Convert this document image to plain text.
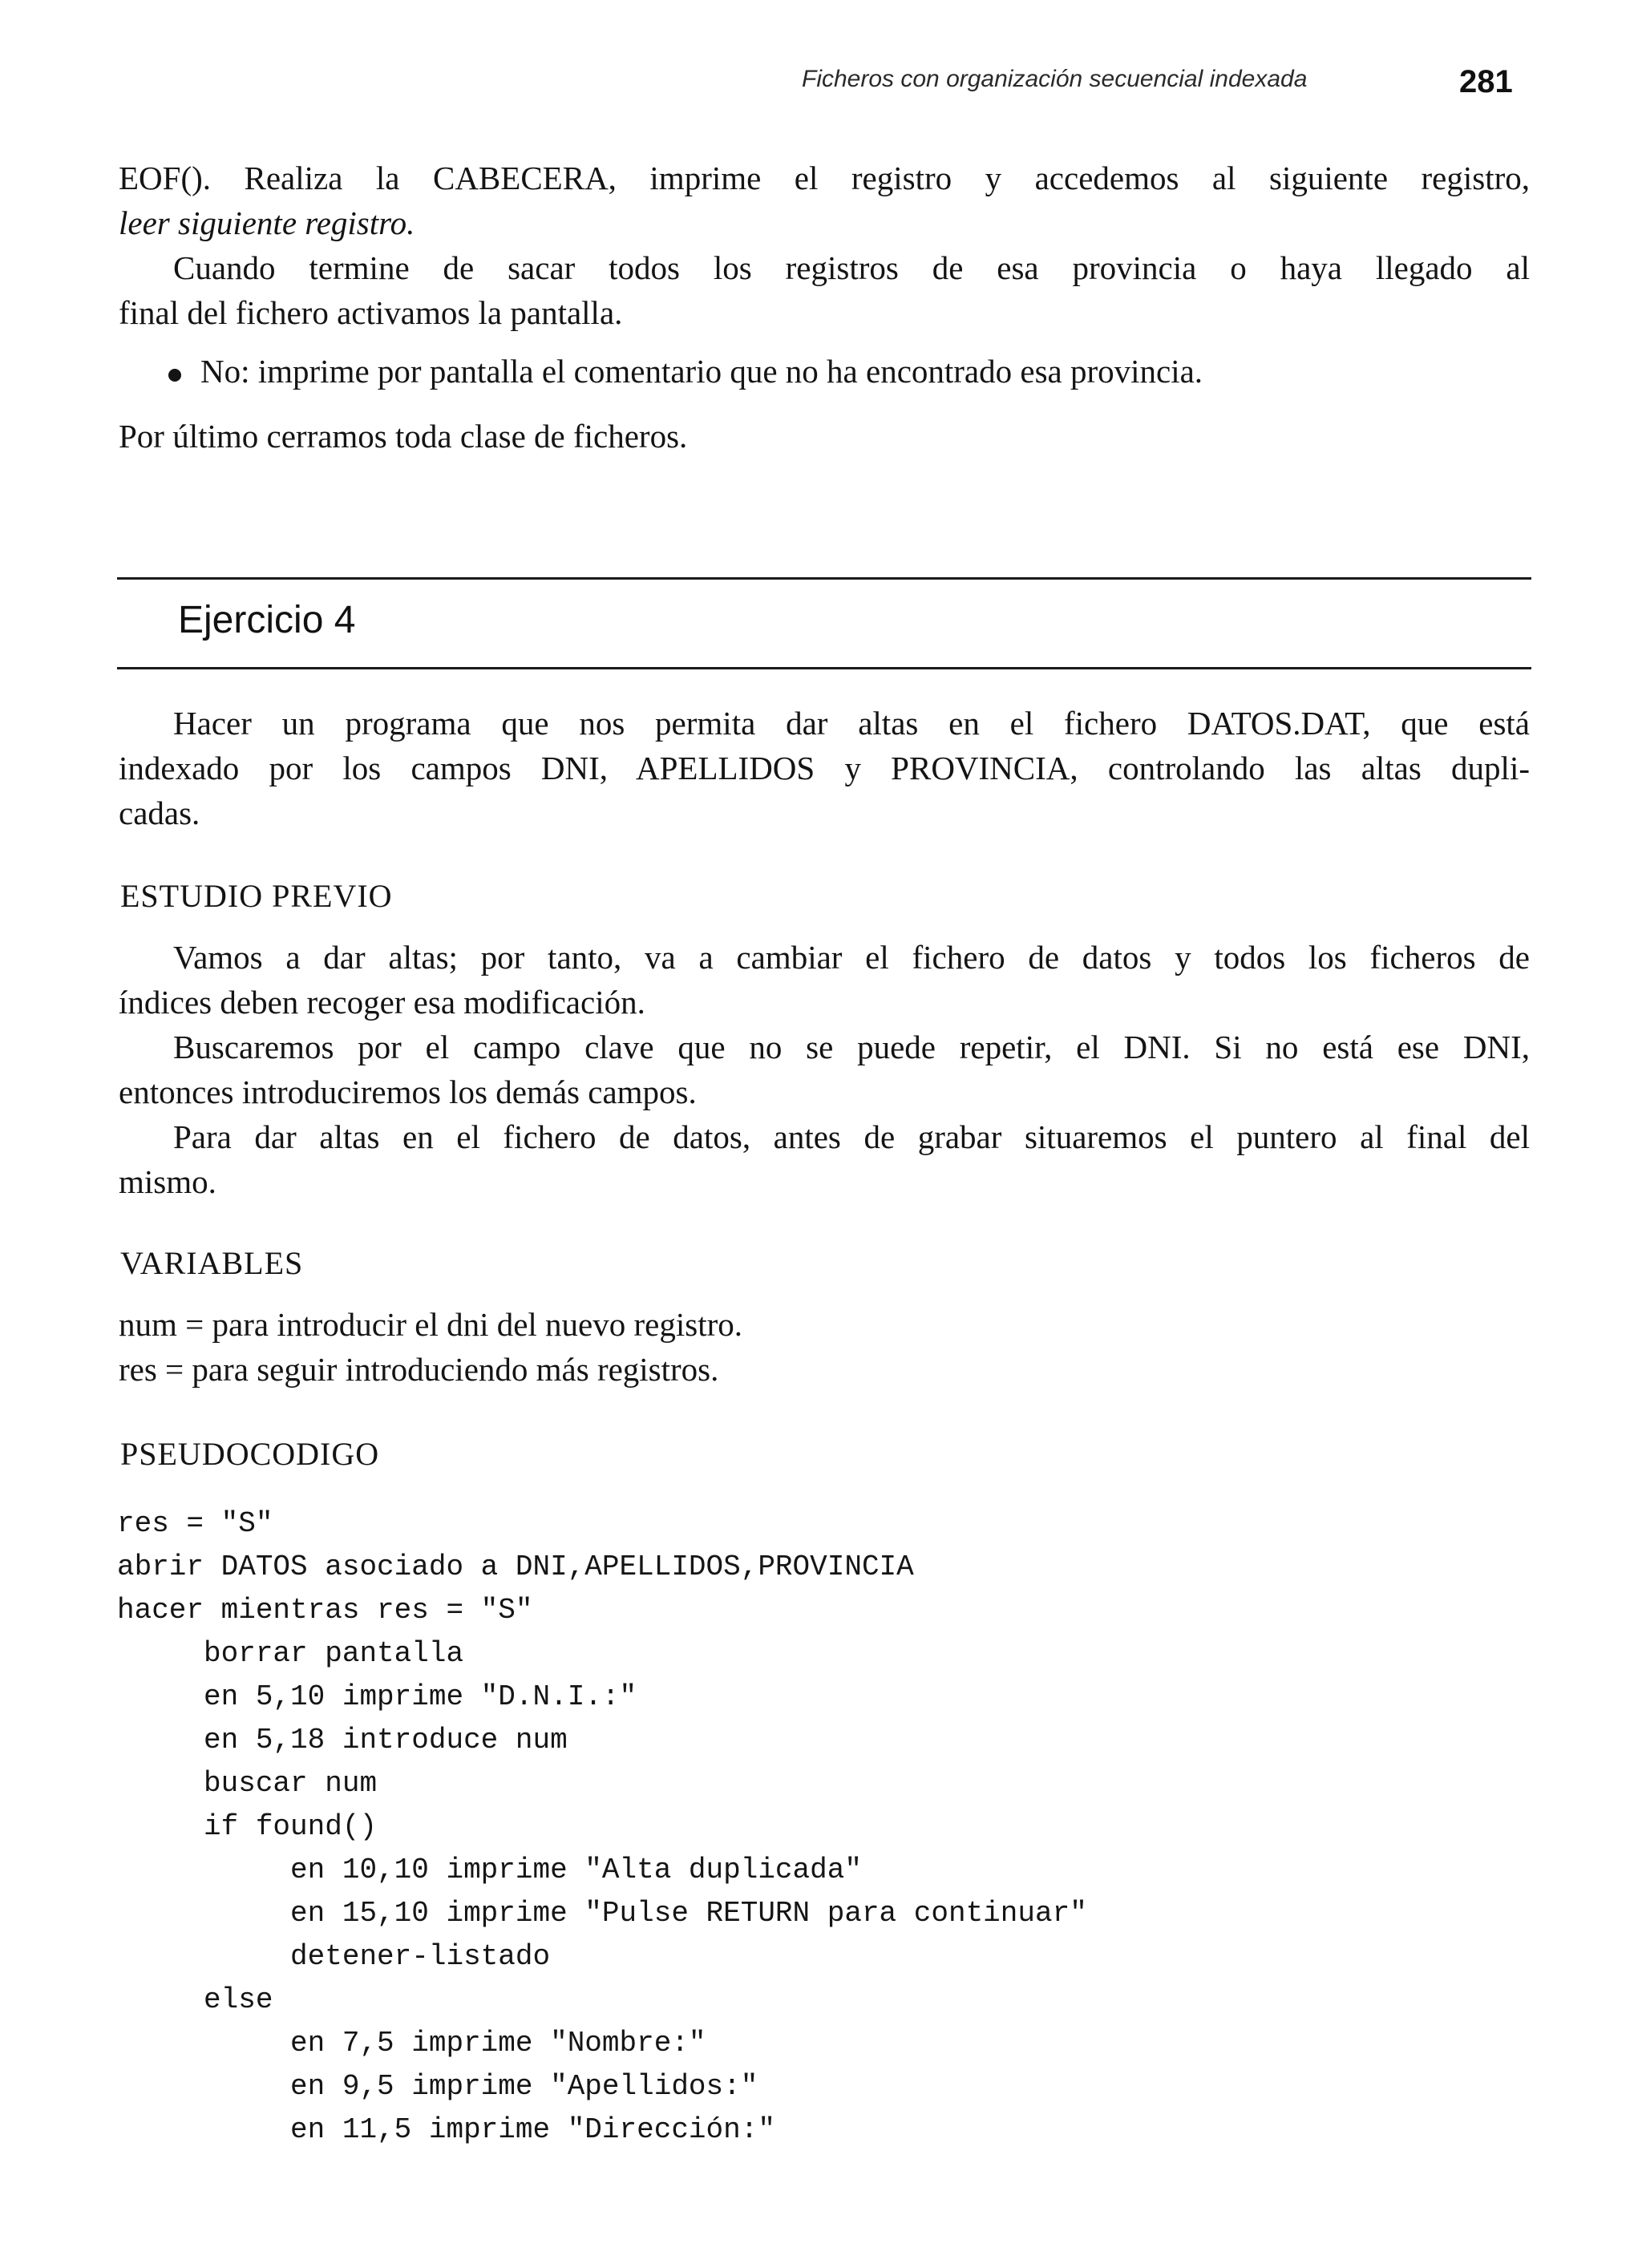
Ficheros con organización secuencial indexada	281
EOF(). Realiza la CABECERA, imprime el registro y accedemos al siguiente registro,
leer siguiente registro.
Cuando termine de sacar todos los registros de esa provincia o haya llegado al
final del fichero activamos la pantalla.
No: imprime por pantalla el comentario que no ha encontrado esa provincia.
Por último cerramos toda clase de ficheros.
Ejercicio 4
Hacer un programa que nos permita dar altas en el fichero DATOS.DAT, que está
indexado por los campos DNI, APELLIDOS y PROVINCIA, controlando las altas dupli-
cadas.
ESTUDIO PREVIO
Vamos a dar altas; por tanto, va a cambiar el fichero de datos y todos los ficheros de
índices deben recoger esa modificación.
Buscaremos por el campo clave que no se puede repetir, el DNI. Si no está ese DNI,
entonces introduciremos los demás campos.
Para dar altas en el fichero de datos, antes de grabar situaremos el puntero al final del
mismo.
VARIABLES
num = para introducir el dni del nuevo registro.
res = para seguir introduciendo más registros.
PSEUDOCODIGO
res = "S"
abrir DATOS asociado a DNI,APELLIDOS,PROVINCIA
hacer mientras res = "S"
borrar pantalla
en 5,10 imprime "D.N.I.:"
en 5,18 introduce num
buscar num
if found()
en 10,10 imprime "Alta duplicada"
en 15,10 imprime "Pulse RETURN para continuar"
detener-listado
else
en 7,5 imprime "Nombre:"
en 9,5 imprime "Apellidos:"
en 11,5 imprime "Dirección:"
